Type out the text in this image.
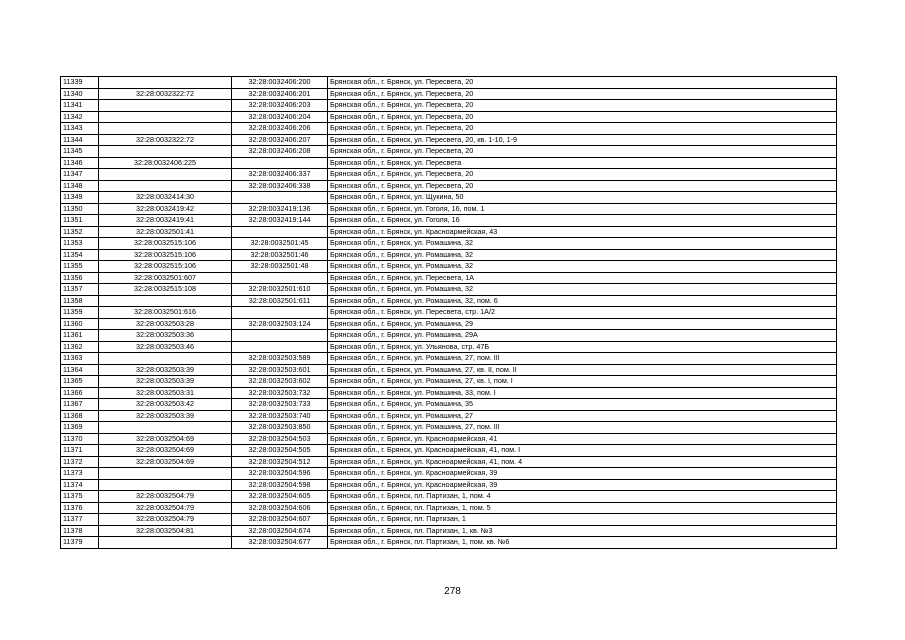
11339		32:28:0032406:200	Брянская обл., г. Брянск, ул. Пересвета, 20
11340	32:28:0032322:72	32:28:0032406:201	Брянская обл., г. Брянск, ул. Пересвета, 20
11341		32:28:0032406:203	Брянская обл., г. Брянск, ул. Пересвета, 20
11342		32:28:0032406:204	Брянская обл., г. Брянск, ул. Пересвета, 20
11343		32:28:0032406:206	Брянская обл., г. Брянск, ул. Пересвета, 20
11344	32:28:0032322:72	32:28:0032406:207	Брянская обл., г. Брянск, ул. Пересвета, 20, кв. 1-10, 1-9
11345		32:28:0032406:208	Брянская обл., г. Брянск, ул. Пересвета, 20
11346	32:28:0032406:225		Брянская обл., г. Брянск, ул. Пересвета
11347		32:28:0032406:337	Брянская обл., г. Брянск, ул. Пересвета, 20
11348		32:28:0032406:338	Брянская обл., г. Брянск, ул. Пересвета, 20
11349	32:28:0032414:30		Брянская обл., г. Брянск, ул. Щукина, 50
11350	32:28:0032419:42	32:28:0032419:136	Брянская обл., г. Брянск, ул. Гоголя, 16, пом. 1
11351	32:28:0032419:41	32:28:0032419:144	Брянская обл., г. Брянск, ул. Гоголя, 16
11352	32:28:0032501:41		Брянская обл., г. Брянск, ул. Красноармейская, 43
11353	32:28:0032515:106	32:28:0032501:45	Брянская обл., г. Брянск, ул. Ромашина, 32
11354	32:28:0032515:106	32:28:0032501:46	Брянская обл., г. Брянск, ул. Ромашина, 32
11355	32:28:0032515:106	32:28:0032501:48	Брянская обл., г. Брянск, ул. Ромашина, 32
11356	32:28:0032501:607		Брянская обл., г. Брянск, ул. Пересвета, 1А
11357	32:28:0032515:108	32:28:0032501:610	Брянская обл., г. Брянск, ул. Ромашина, 32
11358		32:28:0032501:611	Брянская обл., г. Брянск, ул. Ромашина, 32, пом. 6
11359	32:28:0032501:616		Брянская обл., г. Брянск, ул. Пересвета, стр. 1А/2
11360	32:28:0032503:28	32:28:0032503:124	Брянская обл., г. Брянск, ул. Ромашина, 29
11361	32:28:0032503:36		Брянская обл., г. Брянск, ул. Ромашина, 29А
11362	32:28:0032503:46		Брянская обл., г. Брянск, ул. Ульянова, стр. 47Б
11363		32:28:0032503:589	Брянская обл., г. Брянск, ул. Ромашина, 27, пом. III
11364	32:28:0032503:39	32:28:0032503:601	Брянская обл., г. Брянск, ул. Ромашина, 27, кв. II, пом. II
11365	32:28:0032503:39	32:28:0032503:602	Брянская обл., г. Брянск, ул. Ромашина, 27, кв. I, пом. I
11366	32:28:0032503:31	32:28:0032503:732	Брянская обл., г. Брянск, ул. Ромашина, 33, пом. I
11367	32:28:0032503:42	32:28:0032503:733	Брянская обл., г. Брянск, ул. Ромашина, 35
11368	32:28:0032503:39	32:28:0032503:740	Брянская обл., г. Брянск, ул. Ромашина, 27
11369		32:28:0032503:850	Брянская обл., г. Брянск, ул. Ромашина, 27, пом. III
11370	32:28:0032504:69	32:28:0032504:503	Брянская обл., г. Брянск, ул. Красноармейская, 41
11371	32:28:0032504:69	32:28:0032504:505	Брянская обл., г. Брянск, ул. Красноармейская, 41, пом. I
11372	32:28:0032504:69	32:28:0032504:512	Брянская обл., г. Брянск, ул. Красноармейская, 41, пом. 4
11373		32:28:0032504:596	Брянская обл., г. Брянск, ул. Красноармейская, 39
11374		32:28:0032504:598	Брянская обл., г. Брянск, ул. Красноармейская, 39
11375	32:28:0032504:79	32:28:0032504:605	Брянская обл., г. Брянск, пл. Партизан, 1, пом. 4
11376	32:28:0032504:79	32:28:0032504:606	Брянская обл., г. Брянск, пл. Партизан, 1, пом. 5
11377	32:28:0032504:79	32:28:0032504:607	Брянская обл., г. Брянск, пл. Партизан, 1
11378	32:28:0032504:81	32:28:0032504:674	Брянская обл., г. Брянск, пл. Партизан, 1, кв. №3
11379		32:28:0032504:677	Брянская обл., г. Брянск, пл. Партизан, 1, пом. кв. №6
278
